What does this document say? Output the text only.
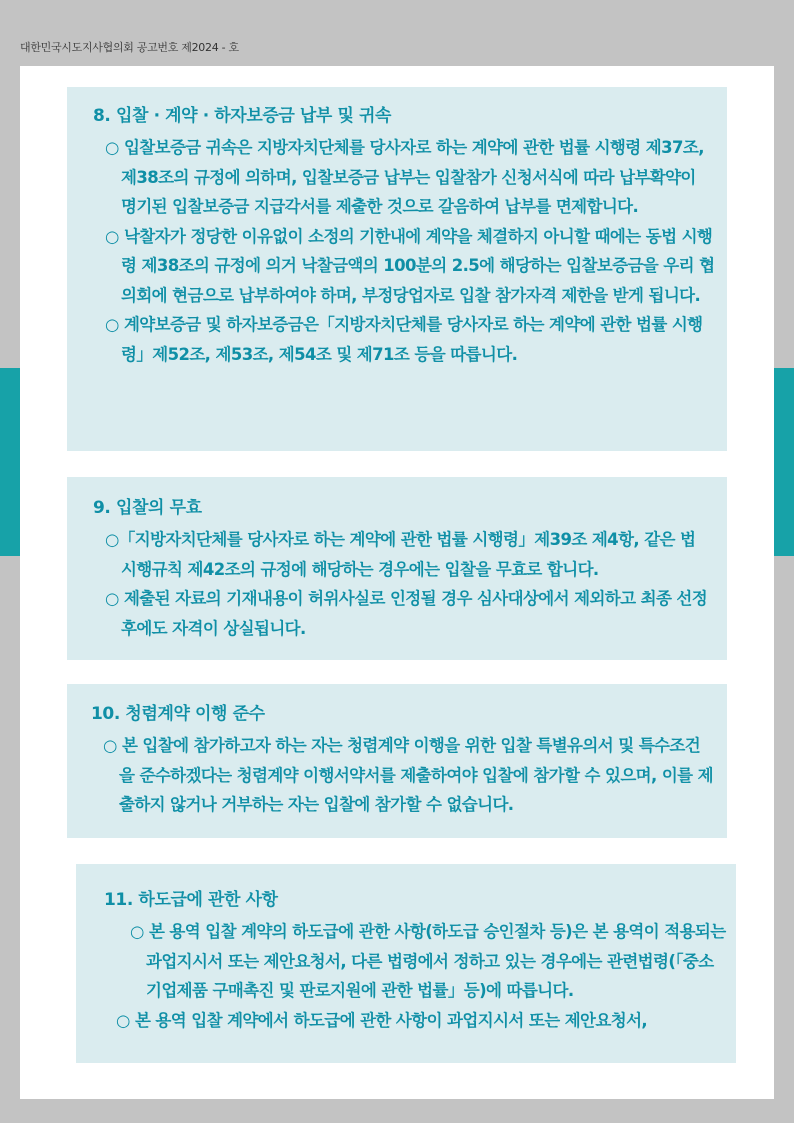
대한민국시도지사협의회 공고번호 제2024 - 호
8. 입찰 · 계약 · 하자보증금 납부 및 귀속
○ 입찰보증금 귀속은 지방자치단체를 당사자로 하는 계약에 관한 법률 시행령 제37조, 제38조의 규정에 의하며, 입찰보증금 납부는 입찰참가 신청서식에 따라 납부확약이 명기된 입찰보증금 지급각서를 제출한 것으로 갈음하여 납부를 면제합니다.
○ 낙찰자가 정당한 이유없이 소정의 기한내에 계약을 체결하지 아니할 때에는 동법 시행령 제38조의 규정에 의거 낙찰금액의 100분의 2.5에 해당하는 입찰보증금을 우리 협의회에 현금으로 납부하여야 하며, 부정당업자로 입찰 참가자격 제한을 받게 됩니다.
○ 계약보증금 및 하자보증금은「지방자치단체를 당사자로 하는 계약에 관한 법률 시행령」제52조, 제53조, 제54조 및 제71조 등을 따릅니다.
9. 입찰의 무효
○「지방자치단체를 당사자로 하는 계약에 관한 법률 시행령」제39조 제4항, 같은 법 시행규칙 제42조의 규정에 해당하는 경우에는 입찰을 무효로 합니다.
○ 제출된 자료의 기재내용이 허위사실로 인정될 경우 심사대상에서 제외하고 최종 선정 후에도 자격이 상실됩니다.
10. 청렴계약 이행 준수
○ 본 입찰에 참가하고자 하는 자는 청렴계약 이행을 위한 입찰 특별유의서 및 특수조건을 준수하겠다는 청렴계약 이행서약서를 제출하여야 입찰에 참가할 수 있으며, 이를 제출하지 않거나 거부하는 자는 입찰에 참가할 수 없습니다.
11. 하도급에 관한 사항
○ 본 용역 입찰 계약의 하도급에 관한 사항(하도급 승인절차 등)은 본 용역이 적용되는 과업지시서 또는 제안요청서, 다른 법령에서 정하고 있는 경우에는 관련법령(「중소기업제품 구매촉진 및 판로지원에 관한 법률」등)에 따릅니다.
○ 본 용역 입찰 계약에서 하도급에 관한 사항이 과업지시서 또는 제안요청서,
